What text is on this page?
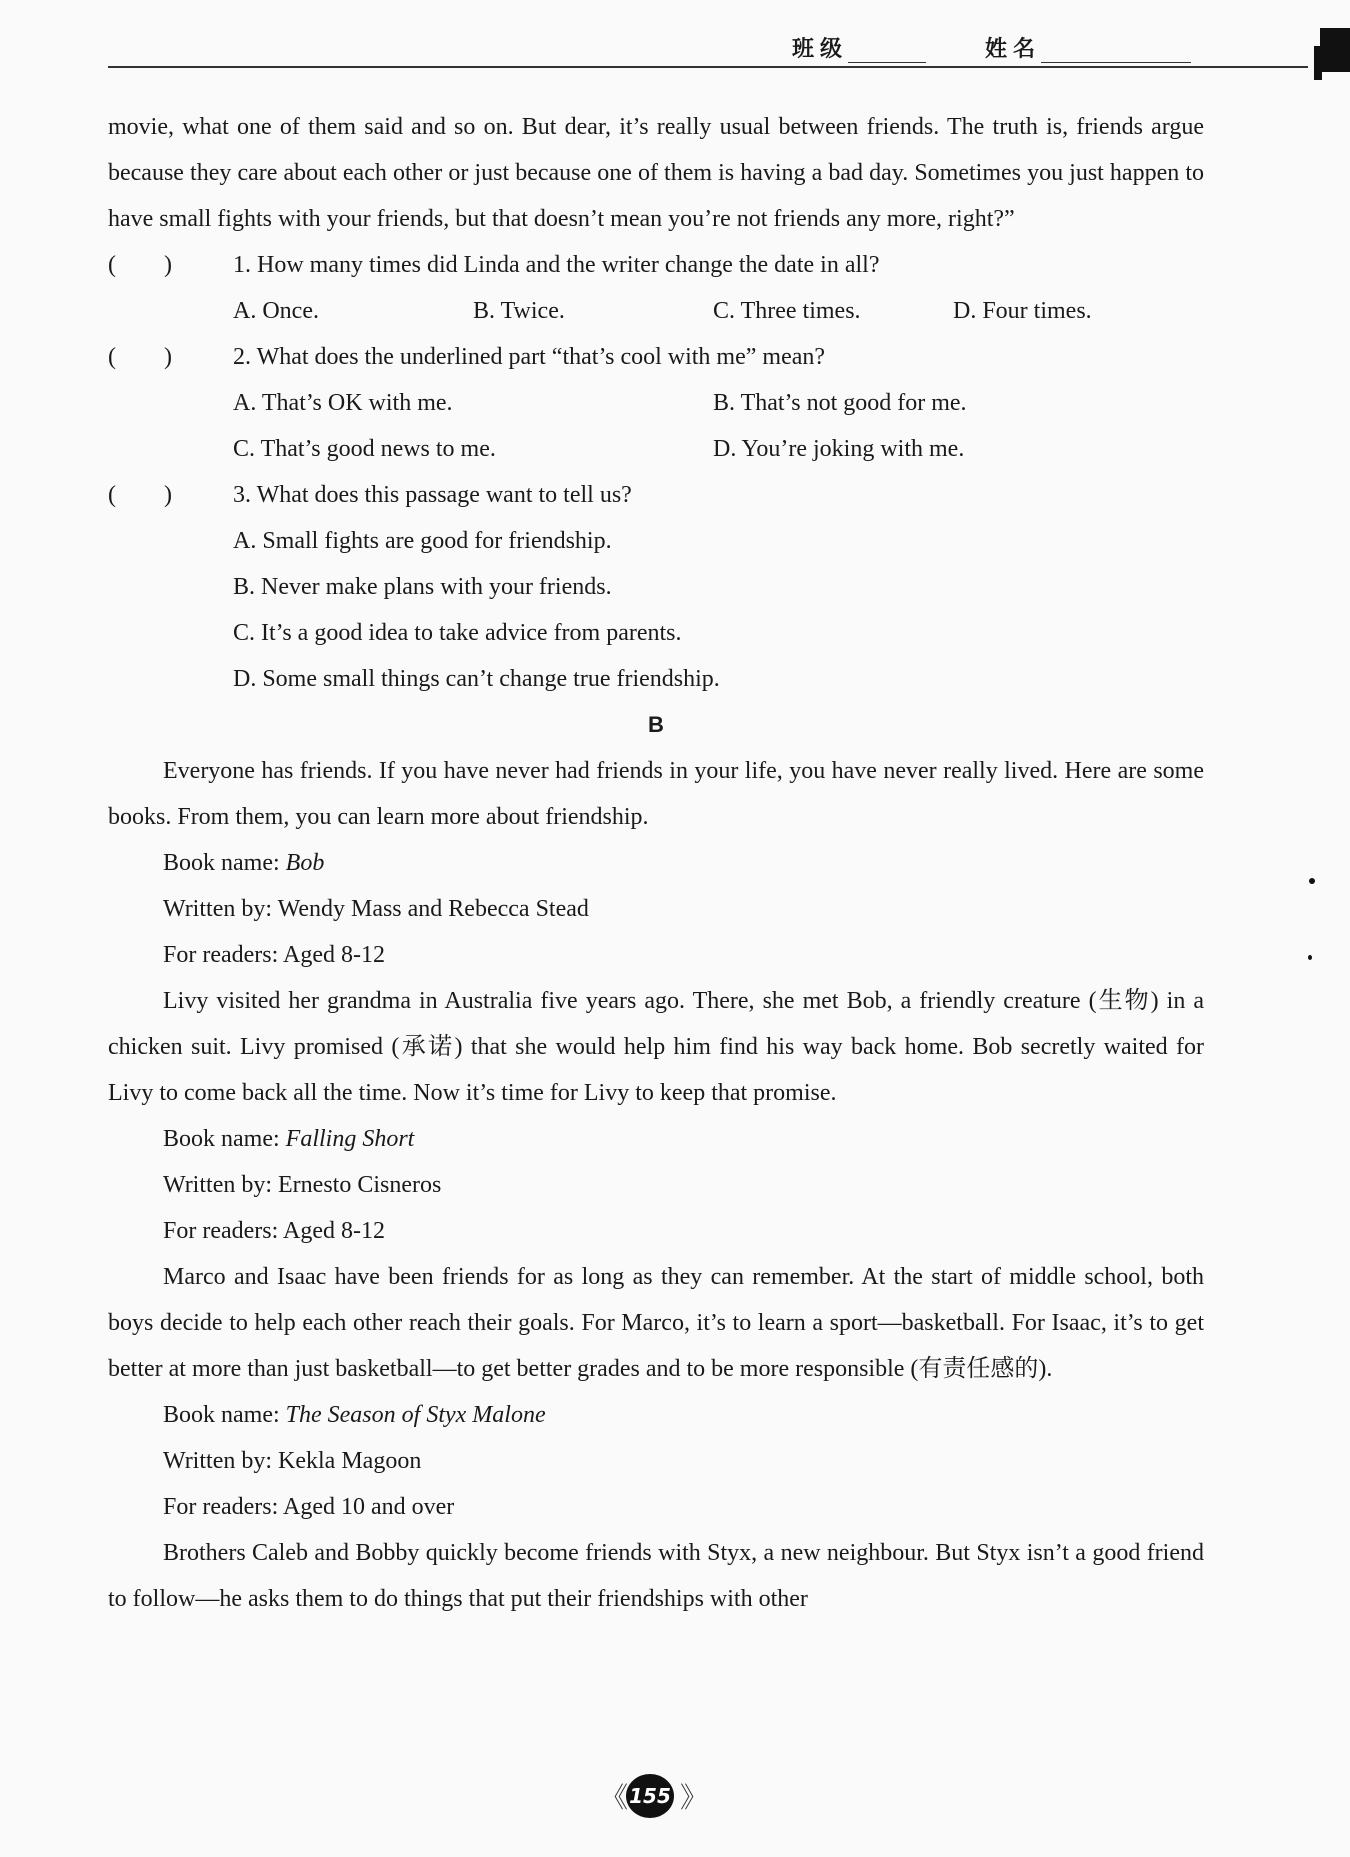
班级	姓名

movie, what one of them said and so on. But dear, it’s really usual between friends. The truth is, friends argue because they care about each other or just because one of them is having a bad day. Sometimes you just happen to have small fights with your friends, but that doesn’t mean you’re not friends any more, right?”

(　　)	1. How many times did Linda and the writer change the date in all?

A. Once.	B. Twice.	C. Three times.	D. Four times.

(　　)	2. What does the underlined part “that’s cool with me” mean?

A. That’s OK with me.	B. That’s not good for me.
C. That’s good news to me.	D. You’re joking with me.

(　　)	3. What does this passage want to tell us?

A. Small fights are good for friendship.

B. Never make plans with your friends.

C. It’s a good idea to take advice from parents.

D. Some small things can’t change true friendship.

B

Everyone has friends. If you have never had friends in your life, you have never really lived. Here are some books. From them, you can learn more about friendship.

Book name: Bob

Written by: Wendy Mass and Rebecca Stead

For readers: Aged 8-12

Livy visited her grandma in Australia five years ago. There, she met Bob, a friendly creature (生物) in a chicken suit. Livy promised (承诺) that she would help him find his way back home. Bob secretly waited for Livy to come back all the time. Now it’s time for Livy to keep that promise.

Book name: Falling Short

Written by: Ernesto Cisneros

For readers: Aged 8-12

Marco and Isaac have been friends for as long as they can remember. At the start of middle school, both boys decide to help each other reach their goals. For Marco, it’s to learn a sport—basketball. For Isaac, it’s to get better at more than just basketball—to get better grades and to be more responsible (有责任感的).

Book name: The Season of Styx Malone

Written by: Kekla Magoon

For readers: Aged 10 and over

Brothers Caleb and Bobby quickly become friends with Styx, a new neighbour. But Styx isn’t a good friend to follow—he asks them to do things that put their friendships with other

《 155 》
